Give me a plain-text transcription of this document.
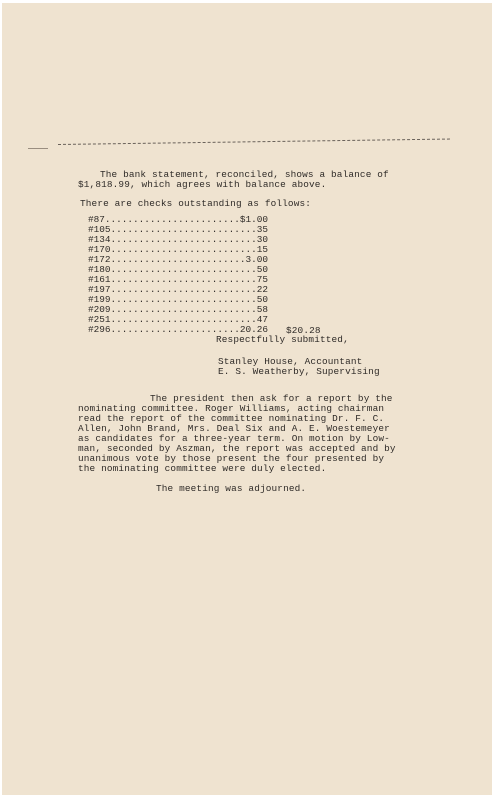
The bank statement, reconciled, shows a balance of
$1,818.99, which agrees with balance above.
There are checks outstanding as follows:
#87........................$1.00
#105..........................35
#134..........................30
#170..........................15
#172........................3.00
#180..........................50
#161..........................75
#197..........................22
#199..........................50
#209..........................58
#251..........................47
#296.......................20.26 $20.28
Respectfully submitted,
Stanley House, Accountant
E. S. Weatherby, Supervising
The president then ask for a report by the
nominating committee. Roger Williams, acting chairman
read the report of the committee nominating Dr. F. C.
Allen, John Brand, Mrs. Deal Six and A. E. Woestemeyer
as candidates for a three-year term. On motion by Low-
man, seconded by Aszman, the report was accepted and by
unanimous vote by those present the four presented by
the nominating committee were duly elected.
The meeting was adjourned.
